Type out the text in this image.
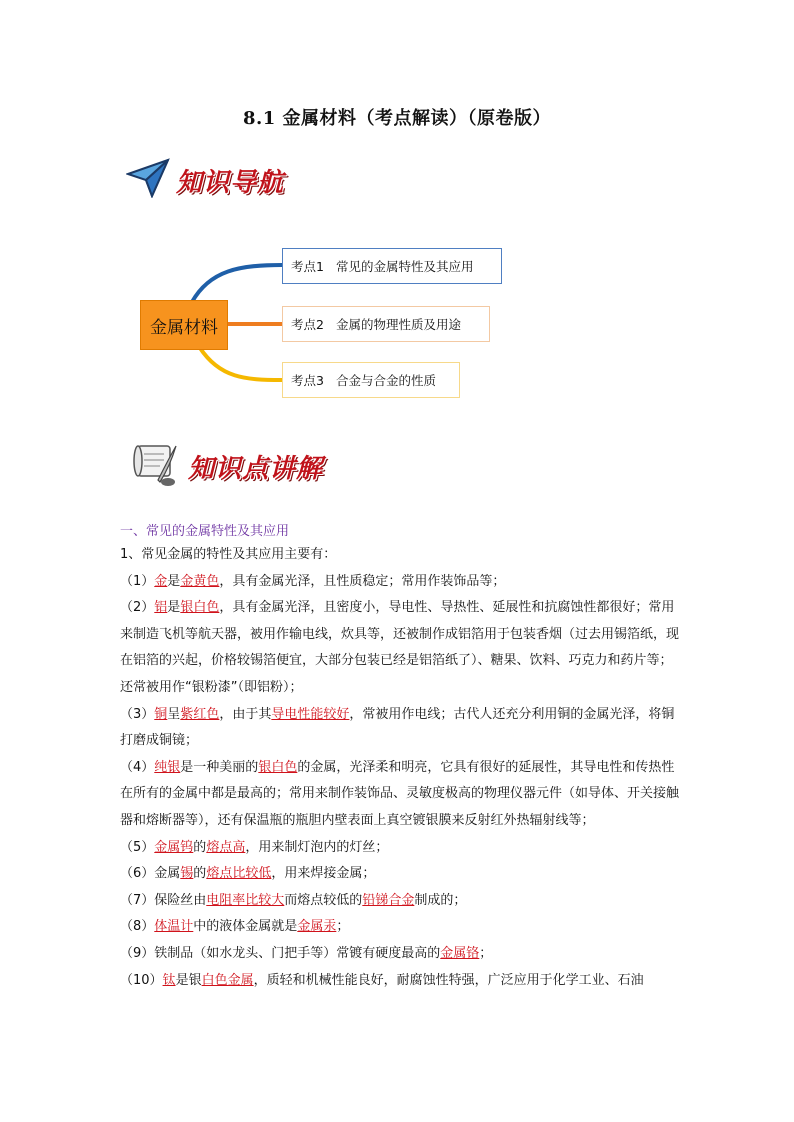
8.1 金属材料（考点解读）（原卷版）
知识导航
金属材料
考点1 常见的金属特性及其应用
考点2 金属的物理性质及用途
考点3 合金与合金的性质
知识点讲解
一、常见的金属特性及其应用

1、常见金属的特性及其应用主要有：

（1）金是金黄色，具有金属光泽，且性质稳定；常用作装饰品等；

（2）铝是银白色，具有金属光泽，且密度小，导电性、导热性、延展性和抗腐蚀性都很好；常用来制造飞机等航天器，被用作输电线，炊具等，还被制作成铝箔用于包装香烟（过去用锡箔纸，现在铝箔的兴起，价格较锡箔便宜，大部分包装已经是铝箔纸了）、糖果、饮料、巧克力和药片等；还常被用作“银粉漆”（即铝粉）；

（3）铜呈紫红色，由于其导电性能较好，常被用作电线；古代人还充分利用铜的金属光泽，将铜打磨成铜镜；

（4）纯银是一种美丽的银白色的金属，光泽柔和明亮，它具有很好的延展性，其导电性和传热性在所有的金属中都是最高的；常用来制作装饰品、灵敏度极高的物理仪器元件（如导体、开关接触器和熔断器等），还有保温瓶的瓶胆内壁表面上真空镀银膜来反射红外热辐射线等；

（5）金属钨的熔点高，用来制灯泡内的灯丝；

（6）金属锡的熔点比较低，用来焊接金属；

（7）保险丝由电阻率比较大而熔点较低的铅锑合金制成的；

（8）体温计中的液体金属就是金属汞；

（9）铁制品（如水龙头、门把手等）常镀有硬度最高的金属铬；

（10）钛是银白色金属，质轻和机械性能良好，耐腐蚀性特强，广泛应用于化学工业、石油
